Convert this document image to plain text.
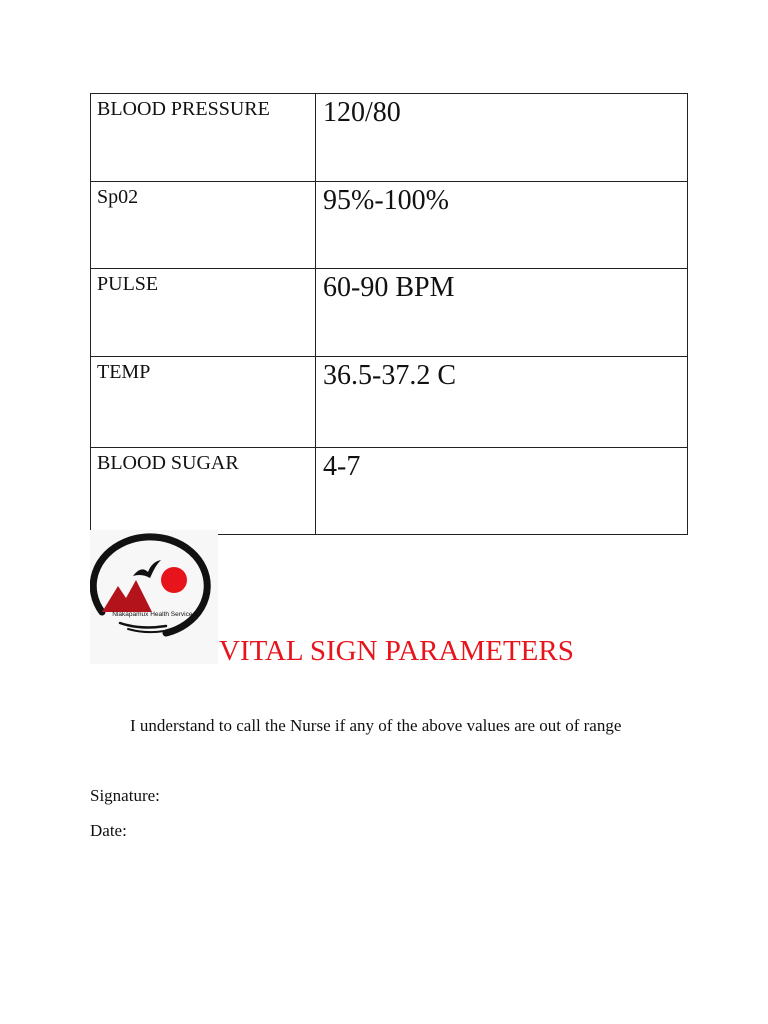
BLOOD PRESSURE	120/80
Sp02	95%-100%
PULSE	60-90 BPM
TEMP	36.5-37.2 C
BLOOD SUGAR	4-7
Nlakapamux Health Services
VITAL SIGN PARAMETERS
I understand to call the Nurse if any of the above values are out of range
Signature:
Date:
